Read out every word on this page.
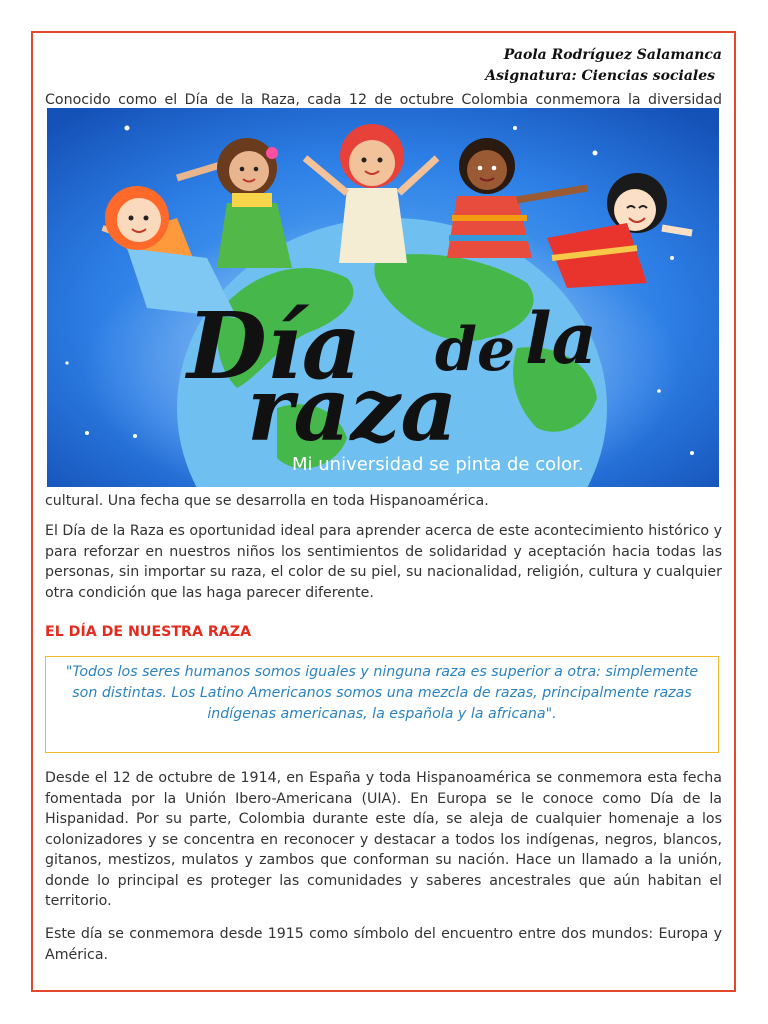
Paola Rodríguez Salamanca
Asignatura: Ciencias sociales

Conocido como el Día de la Raza, cada 12 de octubre Colombia conmemora la diversidad

Día de la
raza
Mi universidad se pinta de color.

cultural. Una fecha que se desarrolla en toda Hispanoamérica.

El Día de la Raza es oportunidad ideal para aprender acerca de este acontecimiento histórico y para reforzar en nuestros niños los sentimientos de solidaridad y aceptación hacia todas las personas, sin importar su raza, el color de su piel, su nacionalidad, religión, cultura y cualquier otra condición que las haga parecer diferente.

EL DÍA DE NUESTRA RAZA

"Todos los seres humanos somos iguales y ninguna raza es superior a otra: simplemente son distintas. Los Latino Americanos somos una mezcla de razas, principalmente razas indígenas americanas, la española y la africana".

Desde el 12 de octubre de 1914, en España y toda Hispanoamérica se conmemora esta fecha fomentada por la Unión Ibero-Americana (UIA). En Europa se le conoce como Día de la Hispanidad. Por su parte, Colombia durante este día, se aleja de cualquier homenaje a los colonizadores y se concentra en reconocer y destacar a todos los indígenas, negros, blancos, gitanos, mestizos, mulatos y zambos que conforman su nación. Hace un llamado a la unión, donde lo principal es proteger las comunidades y saberes ancestrales que aún habitan el territorio.

Este día se conmemora desde 1915 como símbolo del encuentro entre dos mundos: Europa y América.
